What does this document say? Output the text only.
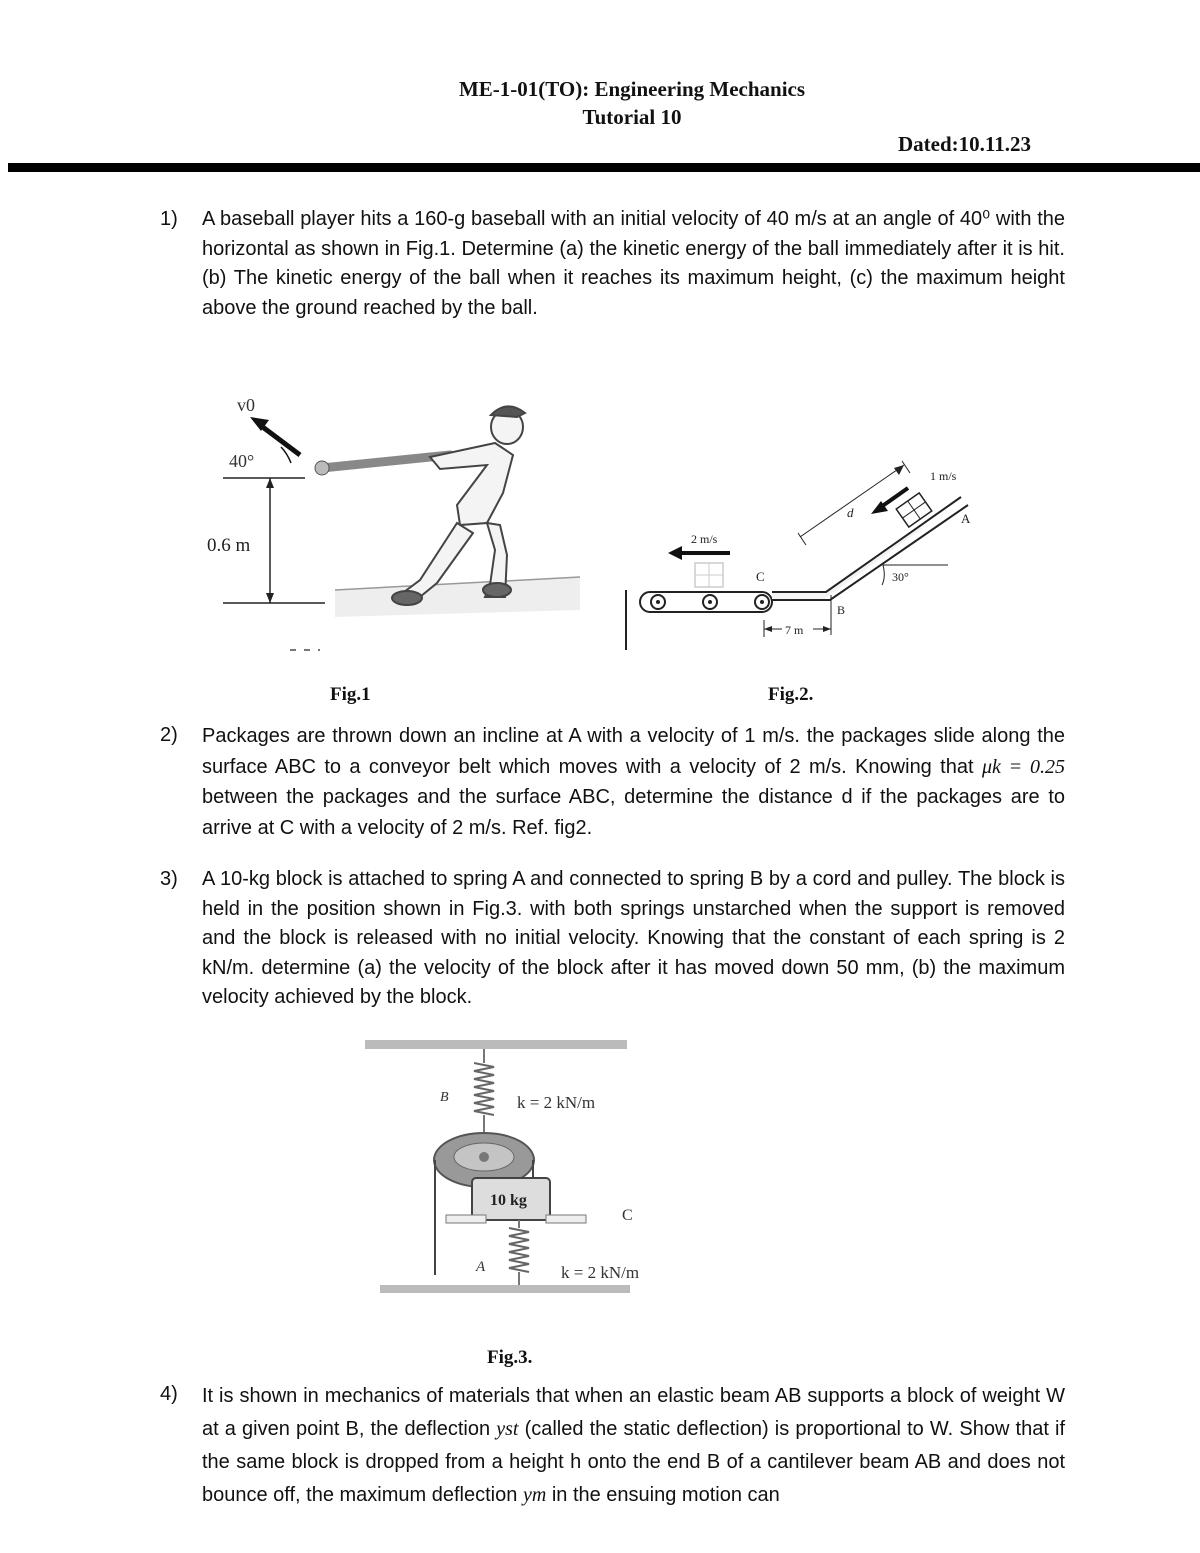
ME-1-01(TO): Engineering Mechanics
Tutorial 10
Dated:10.11.23
1) A baseball player hits a 160-g baseball with an initial velocity of 40 m/s at an angle of 40⁰ with the horizontal as shown in Fig.1. Determine (a) the kinetic energy of the ball immediately after it is hit. (b) The kinetic energy of the ball when it reaches its maximum height, (c) the maximum height above the ground reached by the ball.
v0
40°
0.6 m	2 m/s
1 m/s
d	A
C
B
30°
7 m
Fig.1	Fig.2.
2) Packages are thrown down an incline at A with a velocity of 1 m/s. the packages slide along the surface ABC to a conveyor belt which moves with a velocity of 2 m/s. Knowing that μk = 0.25 between the packages and the surface ABC, determine the distance d if the packages are to arrive at C with a velocity of 2 m/s. Ref. fig2.
3) A 10-kg block is attached to spring A and connected to spring B by a cord and pulley. The block is held in the position shown in Fig.3. with both springs unstarched when the support is removed and the block is released with no initial velocity. Knowing that the constant of each spring is 2 kN/m. determine (a) the velocity of the block after it has moved down 50 mm, (b) the maximum velocity achieved by the block.
B	k = 2 kN/m
10 kg
C
A	k = 2 kN/m
Fig.3.
4) It is shown in mechanics of materials that when an elastic beam AB supports a block of weight W at a given point B, the deflection yst (called the static deflection) is proportional to W. Show that if the same block is dropped from a height h onto the end B of a cantilever beam AB and does not bounce off, the maximum deflection ym in the ensuing motion can
